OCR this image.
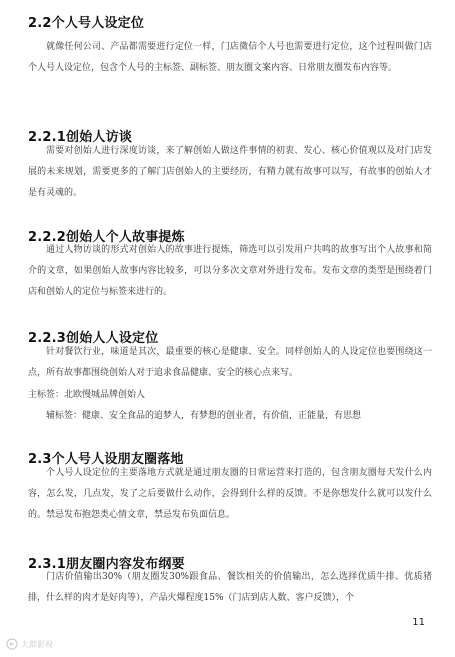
2.2个人号人设定位

就像任何公司、产品都需要进行定位一样，门店微信个人号也需要进行定位，这个过程叫做门店个人号人设定位，包含个人号的主标签、副标签、朋友圈文案内容、日常朋友圈发布内容等。

2.2.1创始人访谈

需要对创始人进行深度访谈，来了解创始人做这件事情的初衷、发心、核心价值观以及对门店发展的未来规划，需要更多的了解门店创始人的主要经历，有精力就有故事可以写，有故事的创始人才是有灵魂的。

2.2.2创始人个人故事提炼

通过人物访谈的形式对创始人的故事进行提炼，筛选可以引发用户共鸣的故事写出个人故事和简介的文章，如果创始人故事内容比较多，可以分多次文章对外进行发布。发布文章的类型是围绕着门店和创始人的定位与标签来进行的。

2.2.3创始人人设定位

针对餐饮行业，味道是其次，最重要的核心是健康、安全。同样创始人的人设定位也要围绕这一点，所有故事都围绕创始人对于追求食品健康、安全的核心点来写。

主标签：北欧慢城品牌创始人
辅标签：健康、安全食品的追梦人，有梦想的创业者，有价值，正能量，有思想
2.3个人号人设朋友圈落地

个人号人设定位的主要落地方式就是通过朋友圈的日常运营来打造的，包含朋友圈每天发什么内容，怎么发，几点发，发了之后要做什么动作，会得到什么样的反馈。不是你想发什么就可以发什么的。禁忌发布抱怨类心情文章，禁忌发布负面信息。

2.3.1朋友圈内容发布纲要

门店价值输出30%（朋友圈发30%跟食品、餐饮相关的价值输出，怎么选择优质牛排、优质猪排，什么样的肉才是好肉等），产品火爆程度15%（门店到店人数、客户反馈），个

11
大都影视
